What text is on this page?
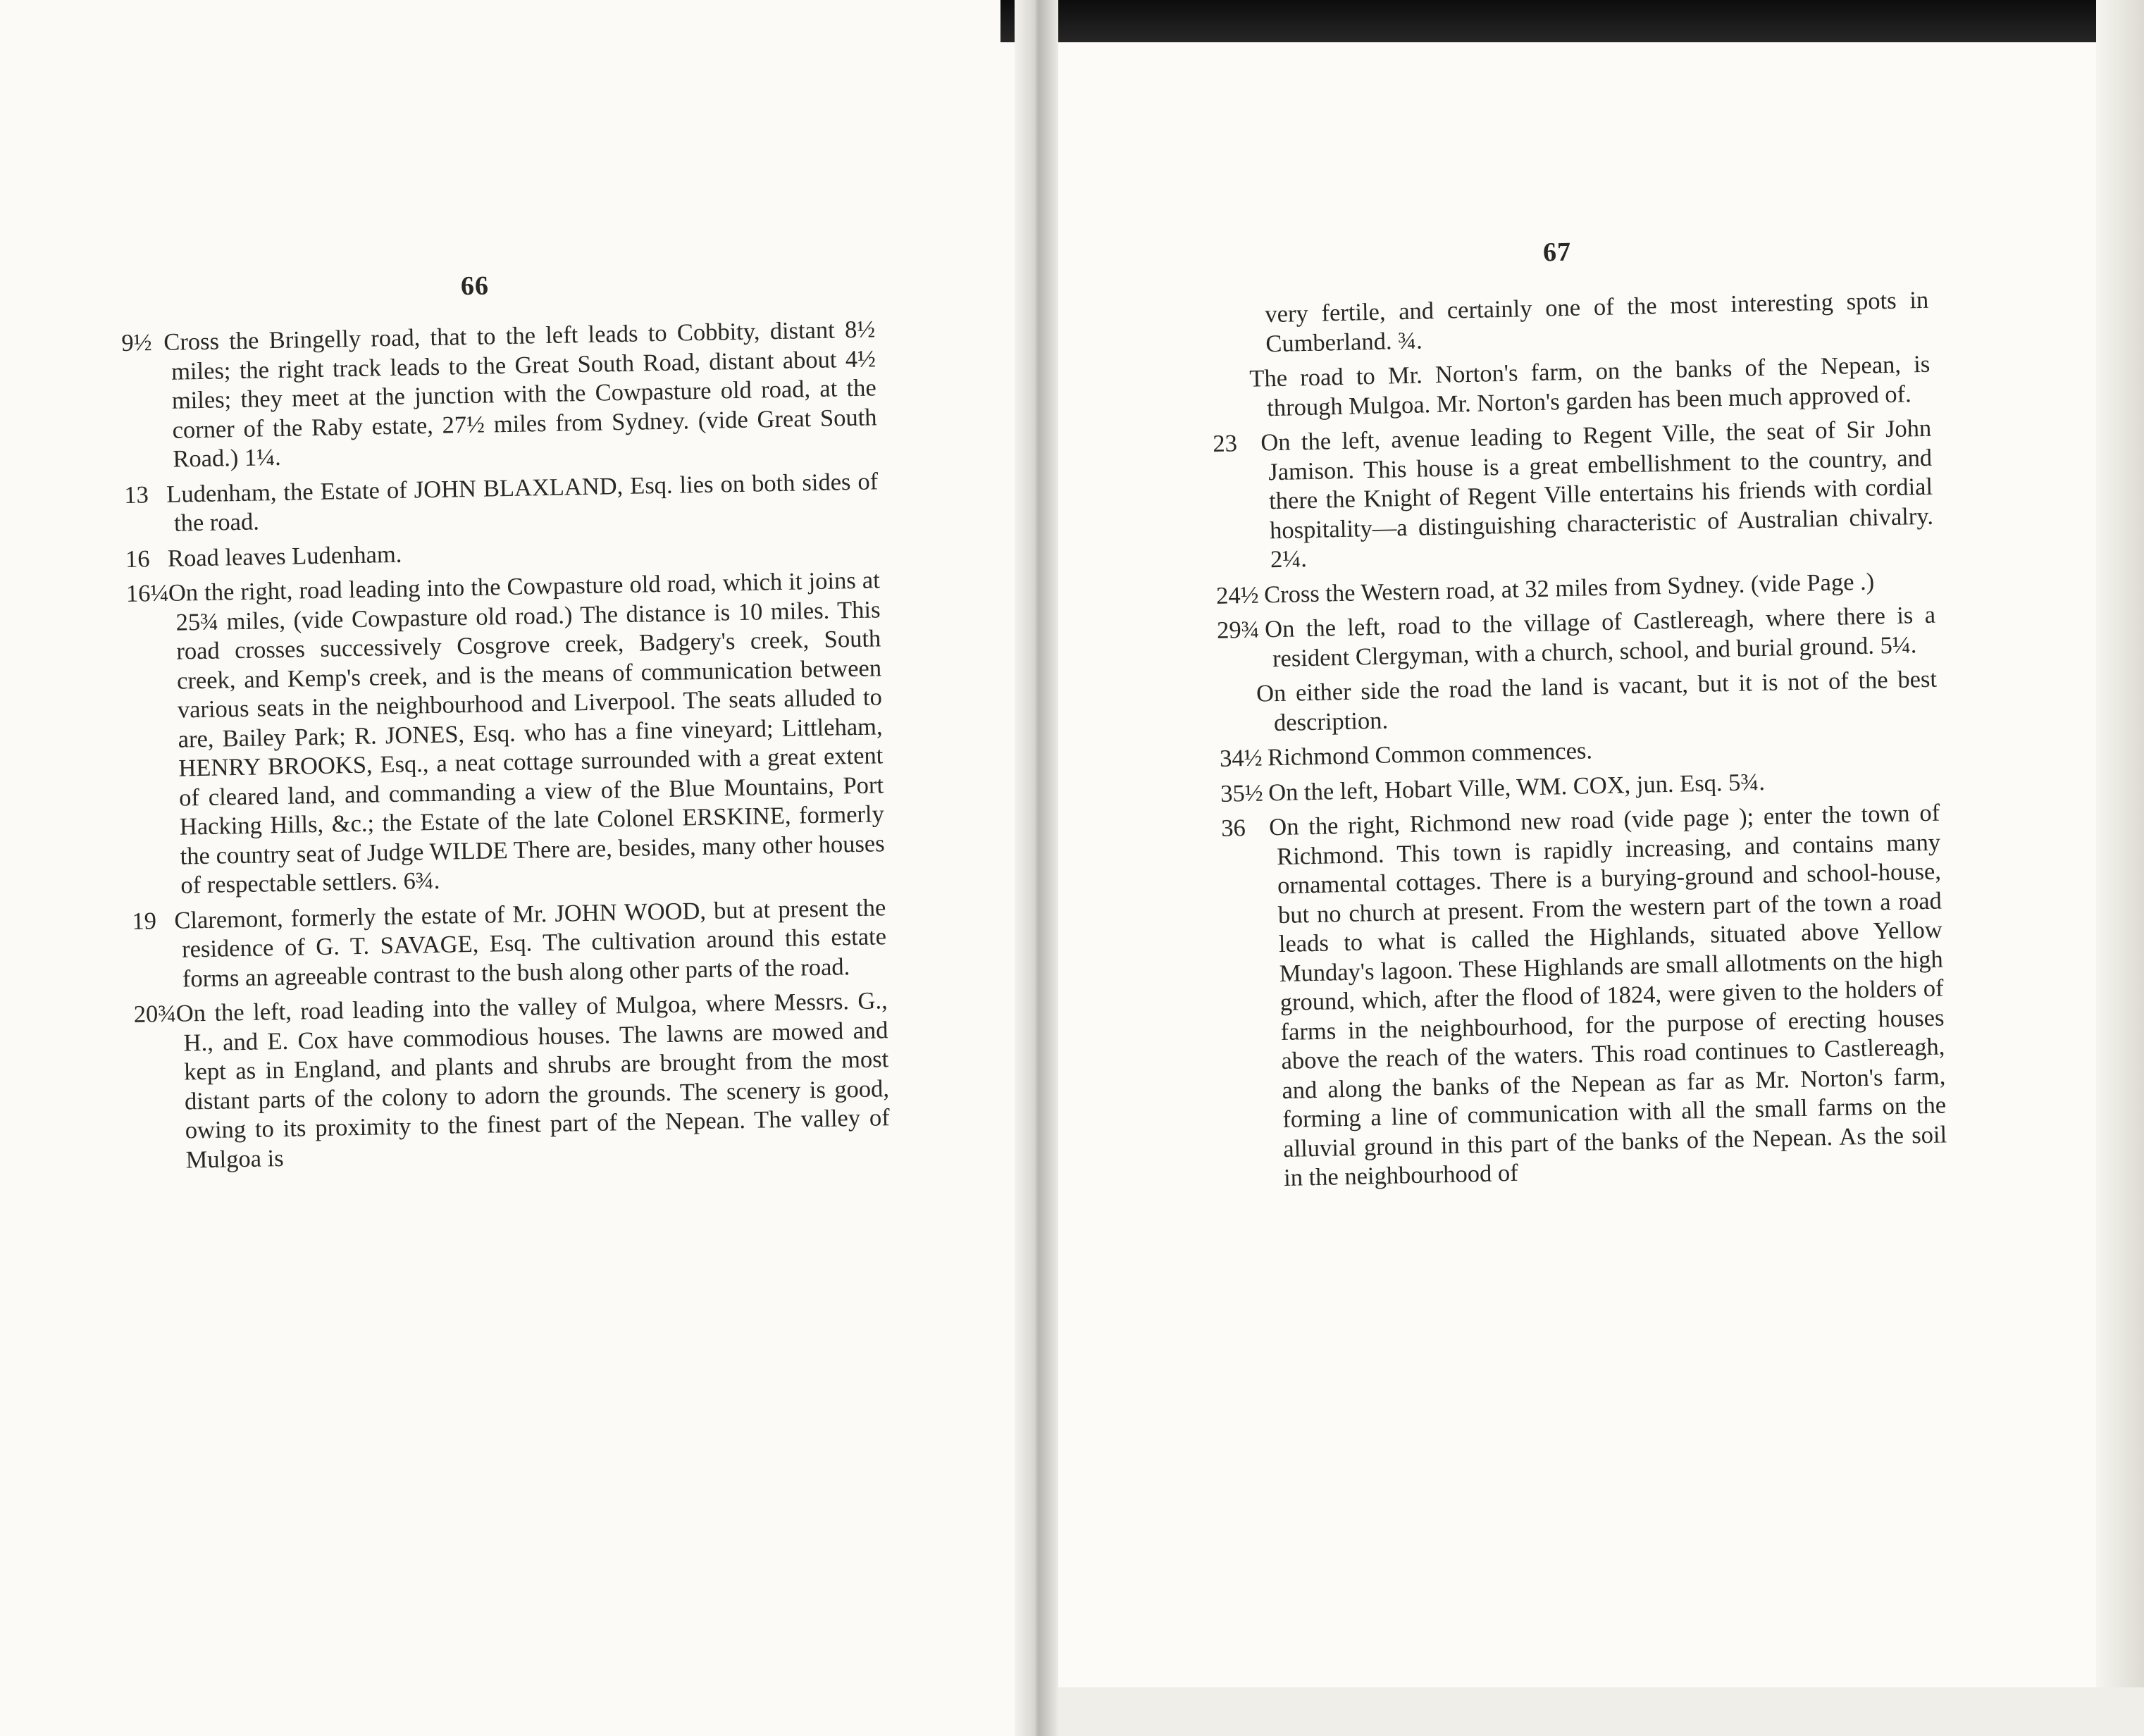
66
67
9½ Cross the Bringelly road, that to the left leads to Cobbity, distant 8½ miles; the right track leads to the Great South Road, distant about 4½ miles; they meet at the junction with the Cowpasture old road, at the corner of the Raby estate, 27½ miles from Sydney. (vide Great South Road.) 1¼.
13 Ludenham, the Estate of JOHN BLAXLAND, Esq. lies on both sides of the road.
16 Road leaves Ludenham.
16¼
On the right, road leading into the Cowpasture old road, which it joins at 25¾ miles, (vide Cowpasture old road.) The distance is 10 miles. This road crosses successively Cosgrove creek, Badgery's creek, South creek, and Kemp's creek, and is the means of communication between various seats in the neighbourhood and Liverpool. The seats alluded to are, Bailey Park; R. JONES, Esq. who has a fine vineyard; Littleham, HENRY BROOKS, Esq., a neat cottage surrounded with a great extent of cleared land, and commanding a view of the Blue Mountains, Port Hacking Hills, &c.; the Estate of the late Colonel ERSKINE, formerly the country seat of Judge WILDE There are, besides, many other houses of respectable settlers. 6¾.
19 Claremont, formerly the estate of Mr. JOHN WOOD, but at present the residence of G. T. SAVAGE, Esq. The cultivation around this estate forms an agreeable contrast to the bush along other parts of the road.
20¾
On the left, road leading into the valley of Mulgoa, where Messrs. G., H., and E. Cox have commodious houses. The lawns are mowed and kept as in England, and plants and shrubs are brought from the most distant parts of the colony to adorn the grounds. The scenery is good, owing to its proximity to the finest part of the Nepean. The valley of Mulgoa is
very fertile, and certainly one of the most interesting spots in Cumberland. ¾.
The road to Mr. Norton's farm, on the banks of the Nepean, is through Mulgoa. Mr. Norton's garden has been much approved of.
23 On the left, avenue leading to Regent Ville, the seat of Sir John Jamison. This house is a great embellishment to the country, and there the Knight of Regent Ville entertains his friends with cordial hospitality—a distinguishing characteristic of Australian chivalry. 2¼.
24½ Cross the Western road, at 32 miles from Sydney. (vide Page .)
29¾ On the left, road to the village of Castlereagh, where there is a resident Clergyman, with a church, school, and burial ground. 5¼.
On either side the road the land is vacant, but it is not of the best description.
34½ Richmond Common commences.
35½ On the left, Hobart Ville, WM. COX, jun. Esq. 5¾.
36 On the right, Richmond new road (vide page ); enter the town of Richmond. This town is rapidly increasing, and contains many ornamental cottages. There is a burying-ground and school-house, but no church at present. From the western part of the town a road leads to what is called the Highlands, situated above Yellow Munday's lagoon. These Highlands are small allotments on the high ground, which, after the flood of 1824, were given to the holders of farms in the neighbourhood, for the purpose of erecting houses above the reach of the waters. This road continues to Castlereagh, and along the banks of the Nepean as far as Mr. Norton's farm, forming a line of communication with all the small farms on the alluvial ground in this part of the banks of the Nepean. As the soil in the neighbourhood of
